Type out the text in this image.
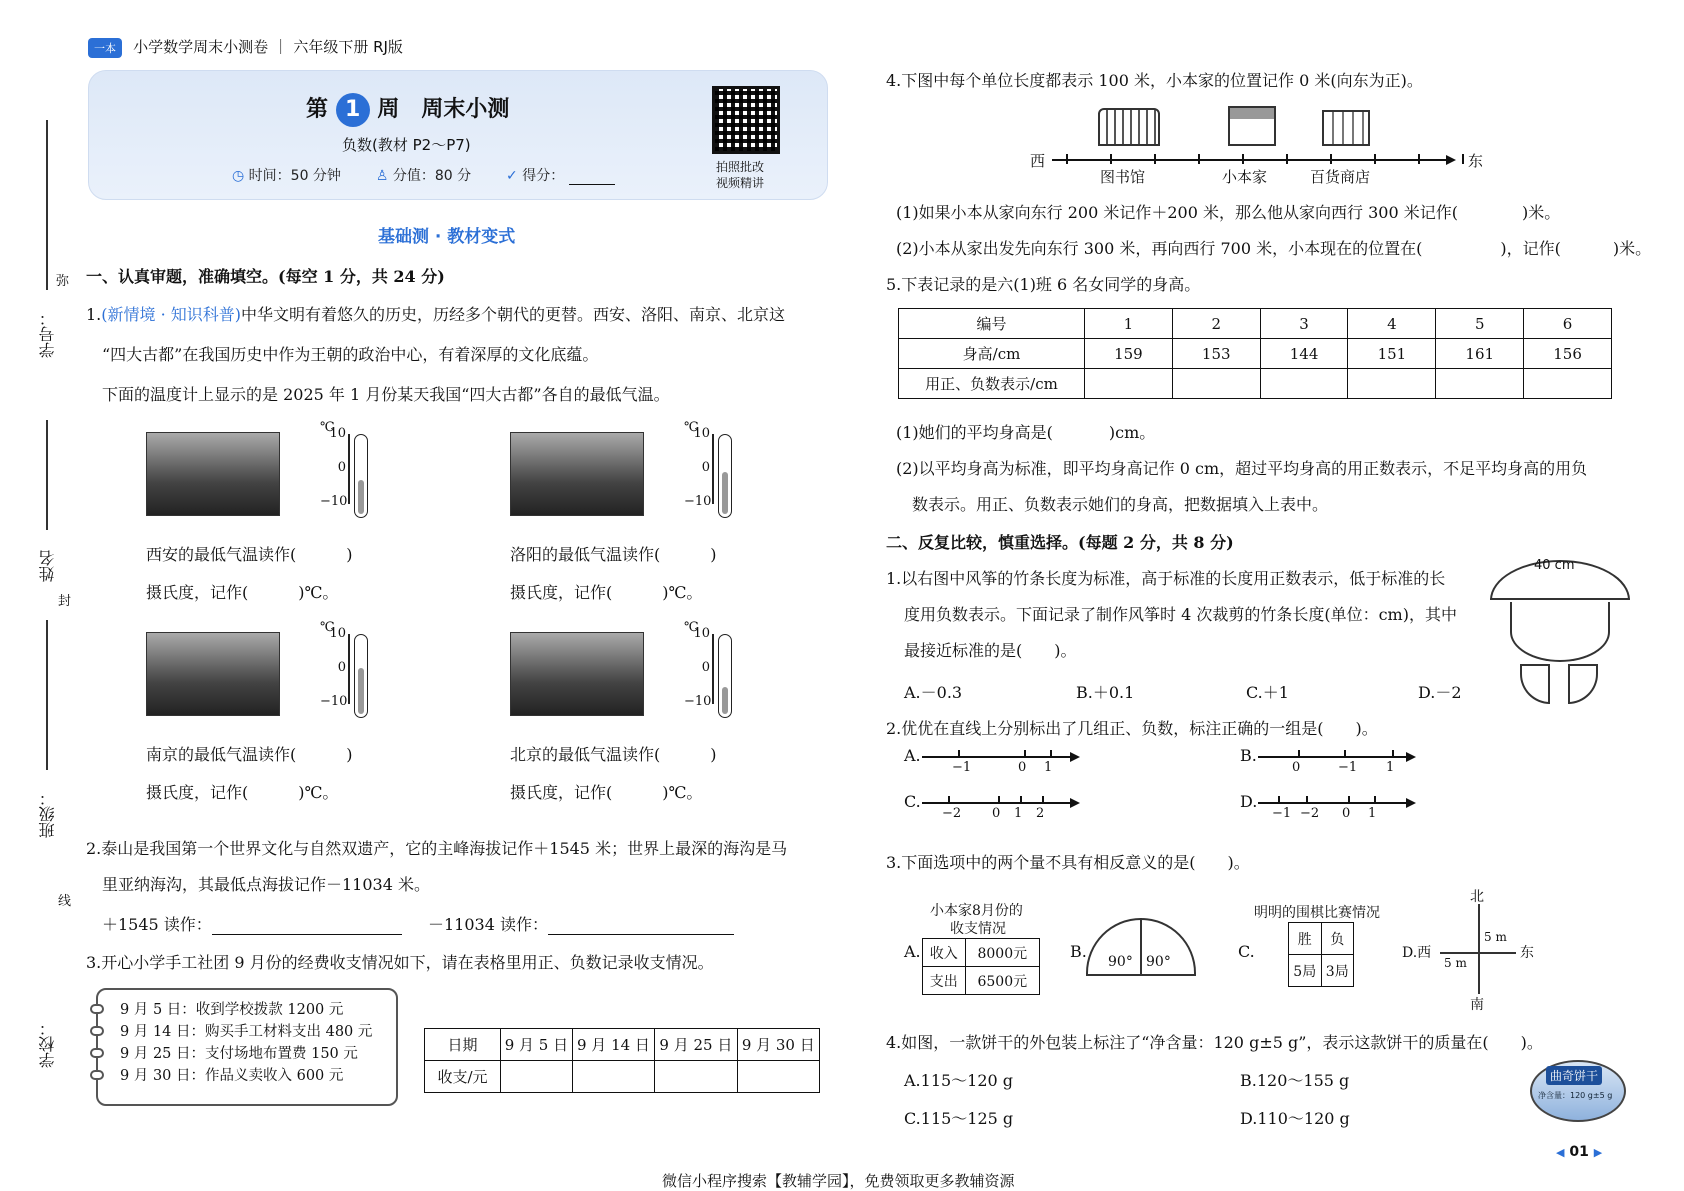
一本 小学数学周末小测卷 ｜ 六年级下册 RJ版
弥
学号：
姓名
封
班级：
线
学校：
第 1 周　周末小测
负数(教材 P2～P7)
◷ 时间：50 分钟 ♙ 分值：80 分 ✓ 得分：
拍照批改
视频精讲
基础测 · 教材变式
一、认真审题，准确填空。(每空 1 分，共 24 分)
1.(新情境 · 知识科普)中华文明有着悠久的历史，历经多个朝代的更替。西安、洛阳、南京、北京这
“四大古都”在我国历史中作为王朝的政治中心，有着深厚的文化底蕴。
下面的温度计上显示的是 2025 年 1 月份某天我国“四大古都”各自的最低气温。
℃
10
0
−10
西安的最低气温读作(	)
摄氏度，记作(	)℃。
℃
10
0
−10
洛阳的最低气温读作(	)
摄氏度，记作(	)℃。
℃
10
0
−10
南京的最低气温读作(	)
摄氏度，记作(	)℃。
℃
10
0
−10
北京的最低气温读作(	)
摄氏度，记作(	)℃。
2.泰山是我国第一个世界文化与自然双遗产，它的主峰海拔记作＋1545 米；世界上最深的海沟是马
里亚纳海沟，其最低点海拔记作－11034 米。
＋1545 读作：	－11034 读作：
3.开心小学手工社团 9 月份的经费收支情况如下，请在表格里用正、负数记录收支情况。
9 月 5 日：收到学校拨款 1200 元
9 月 14 日：购买手工材料支出 480 元
9 月 25 日：支付场地布置费 150 元
9 月 30 日：作品义卖收入 600 元
日期	9 月 5 日	9 月 14 日	9 月 25 日	9 月 30 日
收支/元				
4.下图中每个单位长度都表示 100 米，小本家的位置记作 0 米(向东为正)。
西	东
图书馆	小本家	百货商店
(1)如果小本从家向东行 200 米记作＋200 米，那么他从家向西行 300 米记作(	)米。
(2)小本从家出发先向东行 300 米，再向西行 700 米，小本现在的位置在(	)，记作(	)米。
5.下表记录的是六(1)班 6 名女同学的身高。
编号	1	2	3	4	5	6
身高/cm	159	153	144	151	161	156
用正、负数表示/cm						
(1)她们的平均身高是(	)cm。
(2)以平均身高为标准，即平均身高记作 0 cm，超过平均身高的用正数表示，不足平均身高的用负
数表示。用正、负数表示她们的身高，把数据填入上表中。
二、反复比较，慎重选择。(每题 2 分，共 8 分)
1.以右图中风筝的竹条长度为标准，高于标准的长度用正数表示，低于标准的长
度用负数表示。下面记录了制作风筝时 4 次裁剪的竹条长度(单位：cm)，其中
最接近标准的是(　　)。
40 cm
A.－0.3	B.＋0.1	C.＋1	D.－2
2.优优在直线上分别标出了几组正、负数，标注正确的一组是(　　)。
A.
−1	0 1
B.
0	−1 1
C.
−2 0 1 2
D.
−1 −2 0 1
3.下面选项中的两个量不具有相反意义的是(　　)。
小本家8月份的
收支情况
A. 收入	8000元
支出	6500元
B.
90° 90°
明明的围棋比赛情况
C.
胜	负
5局	3局
D.西
北
东
南
5 m
5 m
4.如图，一款饼干的外包装上标注了“净含量：120 g±5 g”，表示这款饼干的质量在(　　)。
A.115～120 g	B.120～155 g
C.115～125 g	D.110～120 g
曲奇饼干
净含量：120 g±5 g
◀ 01 ▶
微信小程序搜索【教辅学园】，免费领取更多教辅资源
